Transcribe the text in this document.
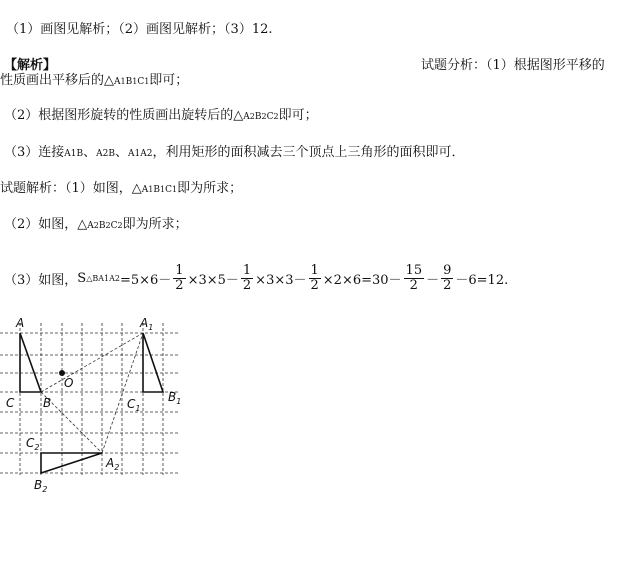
（1）画图见解析；（2）画图见解析；（3）12.
【解析】	试题分析：（1）根据图形平移的
性质画出平移后的△A1B1C1即可；
（2）根据图形旋转的性质画出旋转后的△A2B2C2即可；
（3）连接A1B、A2B、A1A2，利用矩形的面积减去三个顶点上三角形的面积即可．
试题解析：（1）如图，△A1B1C1即为所求；
（2）如图，△A2B2C2即为所求；
（3）如图， S △BA1A2 $=5\times 6- \frac{1}{2} \times 3\times 5- \frac{1}{2} \times 3\times 3- \frac{1}{2} \times 2\times 6=30- \frac{15}{2} - \frac{9}{2} -6=12$.
A
C B
O
$A_1$
$B_1$
$C_1$
$C_2$
$A_2$
$B_2$
